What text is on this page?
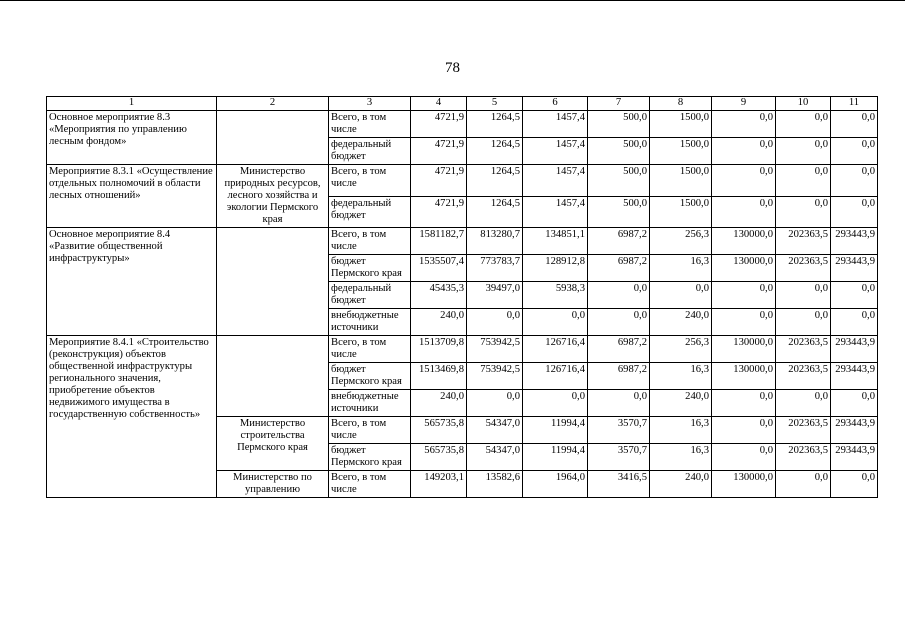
78
1	2	3	4	5	6	7	8	9	10	11
Основное мероприятие 8.3 «Мероприятия по управлению лесным фондом»		Всего, в том числе	4721,9	1264,5	1457,4	500,0	1500,0	0,0	0,0	0,0
		федеральный бюджет	4721,9	1264,5	1457,4	500,0	1500,0	0,0	0,0	0,0
Мероприятие 8.3.1 «Осуществление отдельных полномочий в области лесных отношений»	Министерство природных ресурсов, лесного хозяйства и экологии Пермского края	Всего, в том числе	4721,9	1264,5	1457,4	500,0	1500,0	0,0	0,0	0,0
		федеральный бюджет	4721,9	1264,5	1457,4	500,0	1500,0	0,0	0,0	0,0
Основное мероприятие 8.4 «Развитие общественной инфраструктуры»		Всего, в том числе	1581182,7	813280,7	134851,1	6987,2	256,3	130000,0	202363,5	293443,9
		бюджет Пермского края	1535507,4	773783,7	128912,8	6987,2	16,3	130000,0	202363,5	293443,9
		федеральный бюджет	45435,3	39497,0	5938,3	0,0	0,0	0,0	0,0	0,0
		внебюджетные источники	240,0	0,0	0,0	0,0	240,0	0,0	0,0	0,0
Мероприятие 8.4.1 «Строительство (реконструкция) объектов общественной инфраструктуры регионального значения, приобретение объектов недвижимого имущества в государственную собственность»		Всего, в том числе	1513709,8	753942,5	126716,4	6987,2	256,3	130000,0	202363,5	293443,9
		бюджет Пермского края	1513469,8	753942,5	126716,4	6987,2	16,3	130000,0	202363,5	293443,9
		внебюджетные источники	240,0	0,0	0,0	0,0	240,0	0,0	0,0	0,0
	Министерство строительства Пермского края	Всего, в том числе	565735,8	54347,0	11994,4	3570,7	16,3	0,0	202363,5	293443,9
		бюджет Пермского края	565735,8	54347,0	11994,4	3570,7	16,3	0,0	202363,5	293443,9
	Министерство по управлению	Всего, в том числе	149203,1	13582,6	1964,0	3416,5	240,0	130000,0	0,0	0,0
